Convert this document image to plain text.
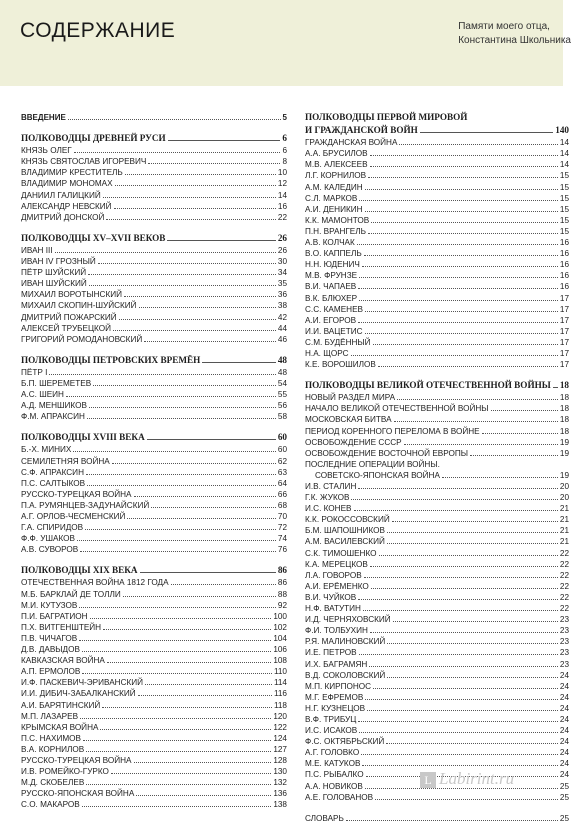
СОДЕРЖАНИЕ	Памяти моего отца,
Константина Школьника
ВВЕДЕНИЕ	5
ПОЛКОВОДЦЫ ДРЕВНЕЙ РУСИ	6
КНЯЗЬ ОЛЕГ	6
КНЯЗЬ СВЯТОСЛАВ ИГОРЕВИЧ	8
ВЛАДИМИР КРЕСТИТЕЛЬ	10
ВЛАДИМИР МОНОМАХ	12
ДАНИИЛ ГАЛИЦКИЙ	14
АЛЕКСАНДР НЕВСКИЙ	16
ДМИТРИЙ ДОНСКОЙ	22
ПОЛКОВОДЦЫ XV–XVII ВЕКОВ	26
ИВАН III	26
ИВАН IV ГРОЗНЫЙ	30
ПЁТР ШУЙСКИЙ	34
ИВАН ШУЙСКИЙ	35
МИХАИЛ ВОРОТЫНСКИЙ	36
МИХАИЛ СКОПИН-ШУЙСКИЙ	38
ДМИТРИЙ ПОЖАРСКИЙ	42
АЛЕКСЕЙ ТРУБЕЦКОЙ	44
ГРИГОРИЙ РОМОДАНОВСКИЙ	46
ПОЛКОВОДЦЫ ПЕТРОВСКИХ ВРЕМЁН	48
ПЁТР I	48
Б.П. ШЕРЕМЕТЕВ	54
А.С. ШЕИН	55
А.Д. МЕНШИКОВ	56
Ф.М. АПРАКСИН	58
ПОЛКОВОДЦЫ XVIII ВЕКА	60
Б.-Х. МИНИХ	60
СЕМИЛЕТНЯЯ ВОЙНА	62
С.Ф. АПРАКСИН	63
П.С. САЛТЫКОВ	64
РУССКО-ТУРЕЦКАЯ ВОЙНА	66
П.А. РУМЯНЦЕВ-ЗАДУНАЙСКИЙ	68
А.Г. ОРЛОВ-ЧЕСМЕНСКИЙ	70
Г.А. СПИРИДОВ	72
Ф.Ф. УШАКОВ	74
А.В. СУВОРОВ	76
ПОЛКОВОДЦЫ XIX ВЕКА	86
ОТЕЧЕСТВЕННАЯ ВОЙНА 1812 ГОДА	86
М.Б. БАРКЛАЙ ДЕ ТОЛЛИ	88
М.И. КУТУЗОВ	92
П.И. БАГРАТИОН	100
П.Х. ВИТГЕНШТЕЙН	102
П.В. ЧИЧАГОВ	104
Д.В. ДАВЫДОВ	106
КАВКАЗСКАЯ ВОЙНА	108
А.П. ЕРМОЛОВ	110
И.Ф. ПАСКЕВИЧ-ЭРИВАНСКИЙ	114
И.И. ДИБИЧ-ЗАБАЛКАНСКИЙ	116
А.И. БАРЯТИНСКИЙ	118
М.П. ЛАЗАРЕВ	120
КРЫМСКАЯ ВОЙНА	122
П.С. НАХИМОВ	124
В.А. КОРНИЛОВ	127
РУССКО-ТУРЕЦКАЯ ВОЙНА	128
И.В. РОМЕЙКО-ГУРКО	130
М.Д. СКОБЕЛЕВ	132
РУССКО-ЯПОНСКАЯ ВОЙНА	136
С.О. МАКАРОВ	138
ПОЛКОВОДЦЫ ПЕРВОЙ МИРОВОЙ
И ГРАЖДАНСКОЙ ВОЙН	140
ГРАЖДАНСКАЯ ВОЙНА	14
А.А. БРУСИЛОВ	14
М.В. АЛЕКСЕЕВ	14
Л.Г. КОРНИЛОВ	15
А.М. КАЛЕДИН	15
С.Л. МАРКОВ	15
А.И. ДЕНИКИН	15
К.К. МАМОНТОВ	15
П.Н. ВРАНГЕЛЬ	15
А.В. КОЛЧАК	16
В.О. КАППЕЛЬ	16
Н.Н. ЮДЕНИЧ	16
М.В. ФРУНЗЕ	16
В.И. ЧАПАЕВ	16
В.К. БЛЮХЕР	17
С.С. КАМЕНЕВ	17
А.И. ЕГОРОВ	17
И.И. ВАЦЕТИС	17
С.М. БУДЁННЫЙ	17
Н.А. ЩОРС	17
К.Е. ВОРОШИЛОВ	17
ПОЛКОВОДЦЫ ВЕЛИКОЙ ОТЕЧЕСТВЕННОЙ ВОЙНЫ 18
НОВЫЙ РАЗДЕЛ МИРА	18
НАЧАЛО ВЕЛИКОЙ ОТЕЧЕСТВЕННОЙ ВОЙНЫ	18
МОСКОВСКАЯ БИТВА	18
ПЕРИОД КОРЕННОГО ПЕРЕЛОМА В ВОЙНЕ	18
ОСВОБОЖДЕНИЕ СССР	19
ОСВОБОЖДЕНИЕ ВОСТОЧНОЙ ЕВРОПЫ	19
ПОСЛЕДНИЕ ОПЕРАЦИИ ВОЙНЫ.
СОВЕТСКО-ЯПОНСКАЯ ВОЙНА	19
И.В. СТАЛИН	20
Г.К. ЖУКОВ	20
И.С. КОНЕВ	21
К.К. РОКОССОВСКИЙ	21
Б.М. ШАПОШНИКОВ	21
А.М. ВАСИЛЕВСКИЙ	21
С.К. ТИМОШЕНКО	22
К.А. МЕРЕЦКОВ	22
Л.А. ГОВОРОВ	22
А.И. ЕРЁМЕНКО	22
В.И. ЧУЙКОВ	22
Н.Ф. ВАТУТИН	22
И.Д. ЧЕРНЯХОВСКИЙ	23
Ф.И. ТОЛБУХИН	23
Р.Я. МАЛИНОВСКИЙ	23
И.Е. ПЕТРОВ	23
И.Х. БАГРАМЯН	23
В.Д. СОКОЛОВСКИЙ	24
М.П. КИРПОНОС	24
М.Г. ЕФРЕМОВ	24
Н.Г. КУЗНЕЦОВ	24
В.Ф. ТРИБУЦ	24
И.С. ИСАКОВ	24
Ф.С. ОКТЯБРЬСКИЙ	24
А.Г. ГОЛОВКО	24
М.Е. КАТУКОВ	24
П.С. РЫБАЛКО	24
А.А. НОВИКОВ	25
А.Е. ГОЛОВАНОВ	25
СЛОВАРЬ	25
L Labirint.ru
